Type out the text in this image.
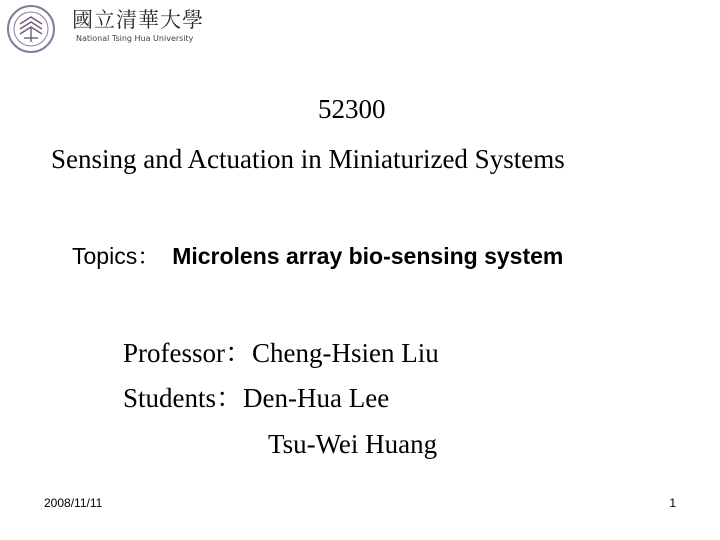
國立清華大學
National Tsing Hua University
52300
Sensing and Actuation in Miniaturized Systems
Topics： Microlens array bio-sensing system
Professor：Cheng-Hsien Liu
Students：Den-Hua Lee
Tsu-Wei Huang
2008/11/11	1
